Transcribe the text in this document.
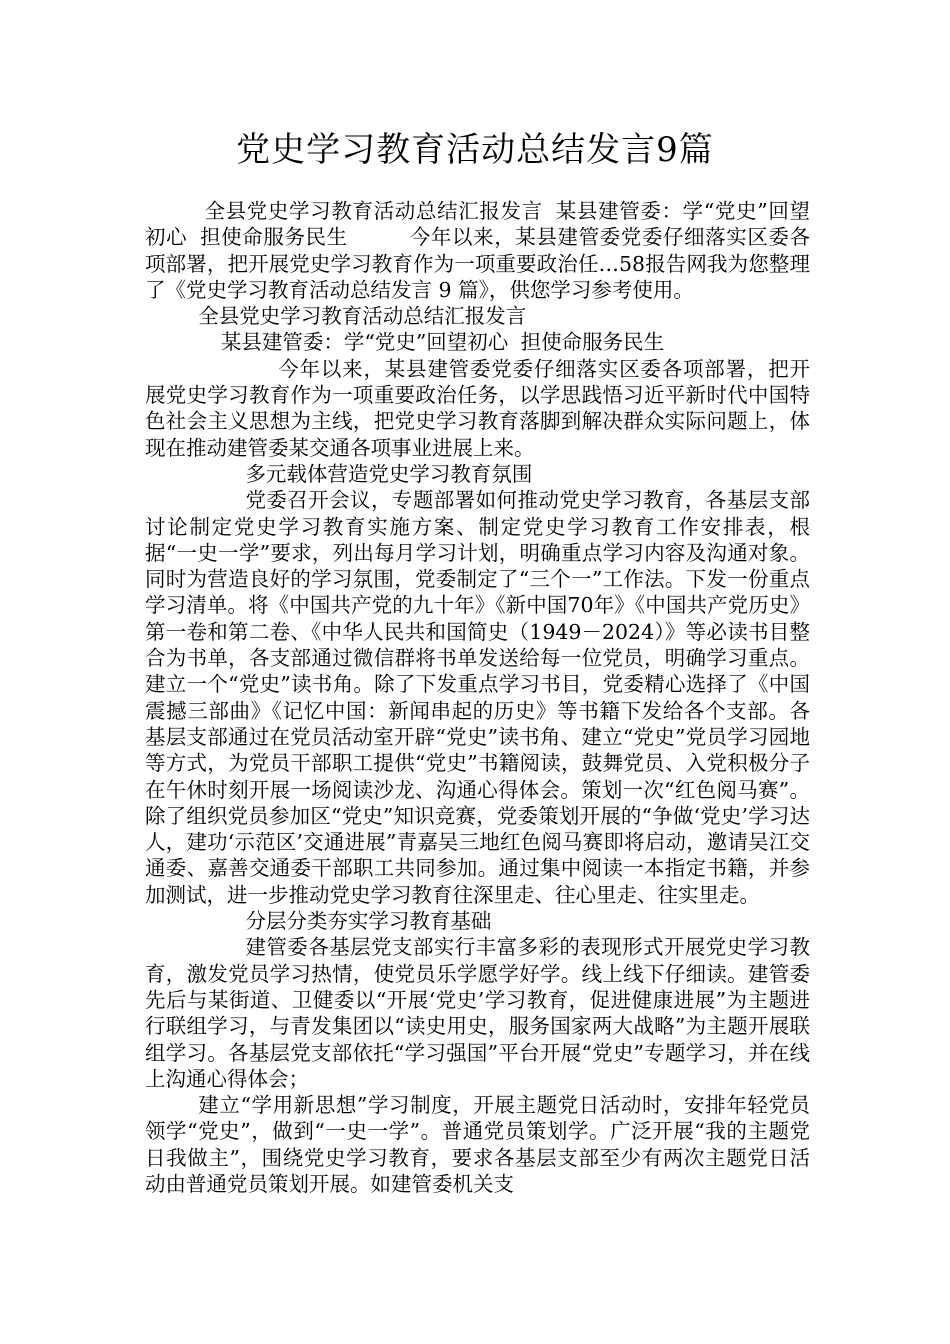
党史学习教育活动总结发言9篇

全县党史学习教育活动总结汇报发言 某县建管委：学“党史”回望初心 担使命服务民生	今年以来，某县建管委党委仔细落实区委各项部署，把开展党史学习教育作为一项重要政治任…58报告网我为您整理了《党史学习教育活动总结发言 9 篇》，供您学习参考使用。

全县党史学习教育活动总结汇报发言

某县建管委：学“党史”回望初心 担使命服务民生

今年以来，某县建管委党委仔细落实区委各项部署，把开展党史学习教育作为一项重要政治任务，以学思践悟习近平新时代中国特色社会主义思想为主线，把党史学习教育落脚到解决群众实际问题上，体现在推动建管委某交通各项事业进展上来。

多元载体营造党史学习教育氛围

党委召开会议，专题部署如何推动党史学习教育，各基层支部讨论制定党史学习教育实施方案、制定党史学习教育工作安排表，根据“一史一学”要求，列出每月学习计划，明确重点学习内容及沟通对象。同时为营造良好的学习氛围，党委制定了“三个一”工作法。下发一份重点学习清单。将《中国共产党的九十年》《新中国70年》《中国共产党历史》第一卷和第二卷、《中华人民共和国简史（1949－2024）》等必读书目整合为书单，各支部通过微信群将书单发送给每一位党员，明确学习重点。建立一个“党史”读书角。除了下发重点学习书目，党委精心选择了《中国震撼三部曲》《记忆中国：新闻串起的历史》等书籍下发给各个支部。各基层支部通过在党员活动室开辟“党史”读书角、建立“党史”党员学习园地等方式，为党员干部职工提供“党史”书籍阅读，鼓舞党员、入党积极分子在午休时刻开展一场阅读沙龙、沟通心得体会。策划一次“红色阅马赛”。除了组织党员参加区“党史”知识竞赛，党委策划开展的“争做‘党史’学习达人，建功‘示范区’交通进展”青嘉吴三地红色阅马赛即将启动，邀请吴江交通委、嘉善交通委干部职工共同参加。通过集中阅读一本指定书籍，并参加测试，进一步推动党史学习教育往深里走、往心里走、往实里走。

分层分类夯实学习教育基础

建管委各基层党支部实行丰富多彩的表现形式开展党史学习教育，激发党员学习热情，使党员乐学愿学好学。线上线下仔细读。建管委先后与某街道、卫健委以“开展‘党史’学习教育，促进健康进展”为主题进行联组学习，与青发集团以“读史用史，服务国家两大战略”为主题开展联组学习。各基层党支部依托“学习强国”平台开展“党史”专题学习，并在线上沟通心得体会；

建立“学用新思想”学习制度，开展主题党日活动时，安排年轻党员领学“党史”，做到“一史一学”。普通党员策划学。广泛开展“我的主题党日我做主”，围绕党史学习教育，要求各基层支部至少有两次主题党日活动由普通党员策划开展。如建管委机关支
